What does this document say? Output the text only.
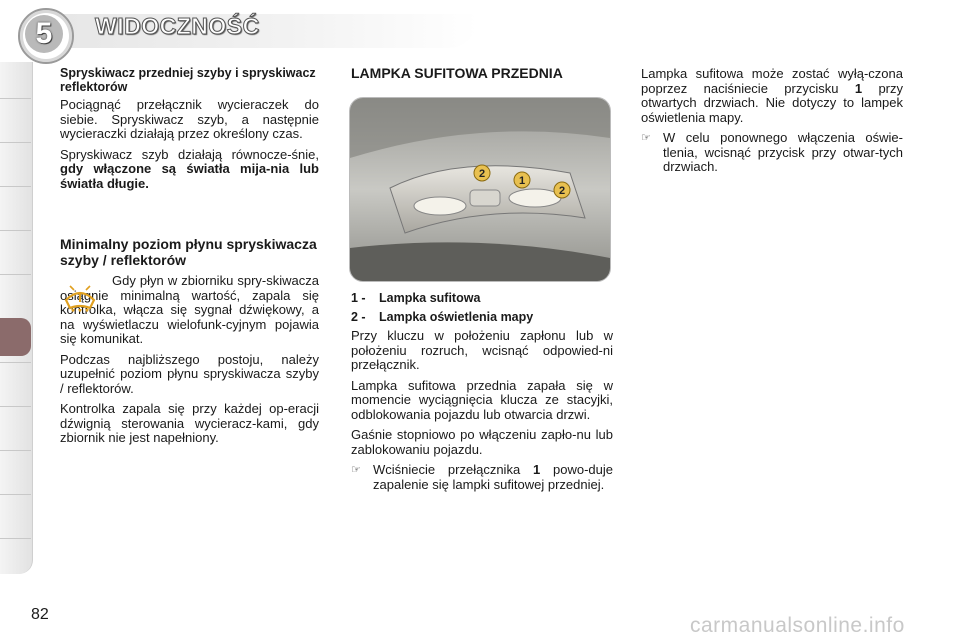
5	WIDOCZNOŚĆ
Spryskiwacz przedniej szyby i spryskiwacz reflektorów

Pociągnąć przełącznik wycieraczek do siebie. Spryskiwacz szyb, a następnie wycieraczki działają przez określony czas.

Spryskiwacz szyb działają równocze-śnie, gdy włączone są światła mija-nia lub światła długie.

Minimalny poziom płynu spryskiwacza szyby / reflektorów

Gdy płyn w zbiorniku spry-skiwacza osiągnie minimalną wartość, zapala się kontrolka, włącza się sygnał dźwiękowy, a na wyświetlaczu wielofunk-cyjnym pojawia się komunikat.

Podczas najbliższego postoju, należy uzupełnić poziom płynu spryskiwacza szyby / reflektorów.

Kontrolka zapala się przy każdej op-eracji dźwignią sterowania wycieracz-kami, gdy zbiornik nie jest napełniony.

LAMPKA SUFITOWA PRZEDNIA
2
1
2
1 - Lampka sufitowa
2 - Lampka oświetlenia mapy

Przy kluczu w położeniu zapłonu lub w położeniu rozruch, wcisnąć odpowied-ni przełącznik.

Lampka sufitowa przednia zapała się w momencie wyciągnięcia klucza ze stacyjki, odblokowania pojazdu lub otwarcia drzwi.

Gaśnie stopniowo po włączeniu zapło-nu lub zablokowaniu pojazdu.

☞ Wciśniecie przełącznika 1 powo-duje zapalenie się lampki sufitowej przedniej.

Lampka sufitowa może zostać wyłą-czona poprzez naciśniecie przycisku 1 przy otwartych drzwiach. Nie dotyczy to lampek oświetlenia mapy.

☞ W celu ponownego włączenia oświe-tlenia, wcisnąć przycisk przy otwar-tych drzwiach.
82	carmanualsonline.info
